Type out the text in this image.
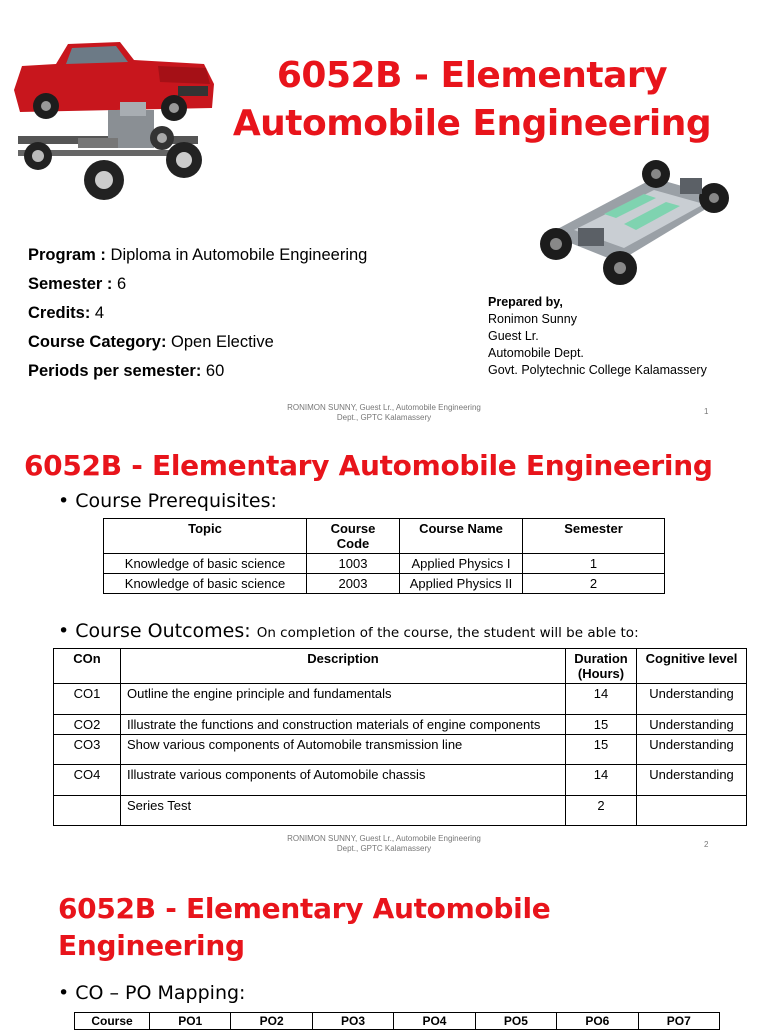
6052B - Elementary Automobile Engineering
Program : Diploma in Automobile Engineering
Semester : 6
Credits: 4
Course Category: Open Elective
Periods per semester: 60
Prepared by,
Ronimon Sunny
Guest Lr.
Automobile Dept.
Govt. Polytechnic College Kalamassery
RONIMON SUNNY, Guest Lr., Automobile Engineering
Dept., GPTC Kalamassery
1
6052B - Elementary Automobile Engineering
• Course Prerequisites:
Topic	Course Code	Course Name	Semester
Knowledge of basic science	1003	Applied Physics I	1
Knowledge of basic science	2003	Applied Physics II	2
• Course Outcomes: On completion of the course, the student will be able to:
COn	Description	Duration (Hours)	Cognitive level
CO1	Outline the engine principle and fundamentals	14	Understanding
CO2	Illustrate the functions and construction materials of engine components	15	Understanding
CO3	Show various components of Automobile transmission line	15	Understanding
CO4	Illustrate various components of Automobile chassis	14	Understanding
	Series Test	2	
RONIMON SUNNY, Guest Lr., Automobile Engineering
Dept., GPTC Kalamassery	2
6052B - Elementary Automobile Engineering
• CO – PO Mapping:
Course	PO1	PO2	PO3	PO4	PO5	PO6	PO7
